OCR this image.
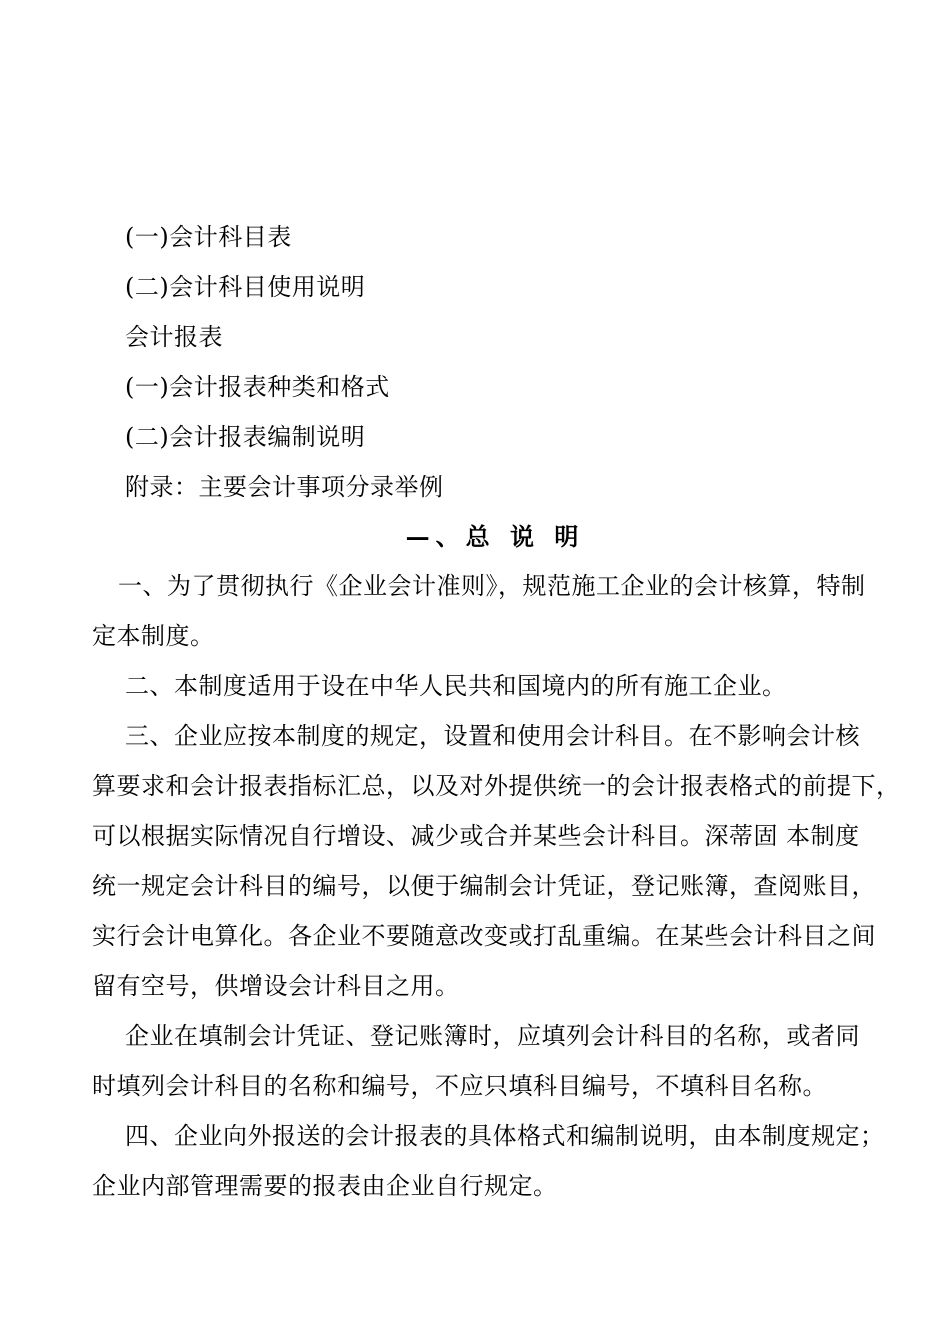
(一)会计科目表
(二)会计科目使用说明
会计报表
(一)会计报表种类和格式
(二)会计报表编制说明
附录：主要会计事项分录举例
—、总 说 明
一、为了贯彻执行《企业会计准则》，规范施工企业的会计核算，特制
定本制度。
二、本制度适用于设在中华人民共和国境内的所有施工企业。
三、企业应按本制度的规定，设置和使用会计科目。在不影响会计核
算要求和会计报表指标汇总，以及对外提供统一的会计报表格式的前提下，
可以根据实际情况自行增设、减少或合并某些会计科目。深蒂固 本制度
统一规定会计科目的编号，以便于编制会计凭证，登记账簿，查阅账目，
实行会计电算化。各企业不要随意改变或打乱重编。在某些会计科目之间
留有空号，供增设会计科目之用。
企业在填制会计凭证、登记账簿时，应填列会计科目的名称，或者同
时填列会计科目的名称和编号，不应只填科目编号，不填科目名称。
四、企业向外报送的会计报表的具体格式和编制说明，由本制度规定；
企业内部管理需要的报表由企业自行规定。
